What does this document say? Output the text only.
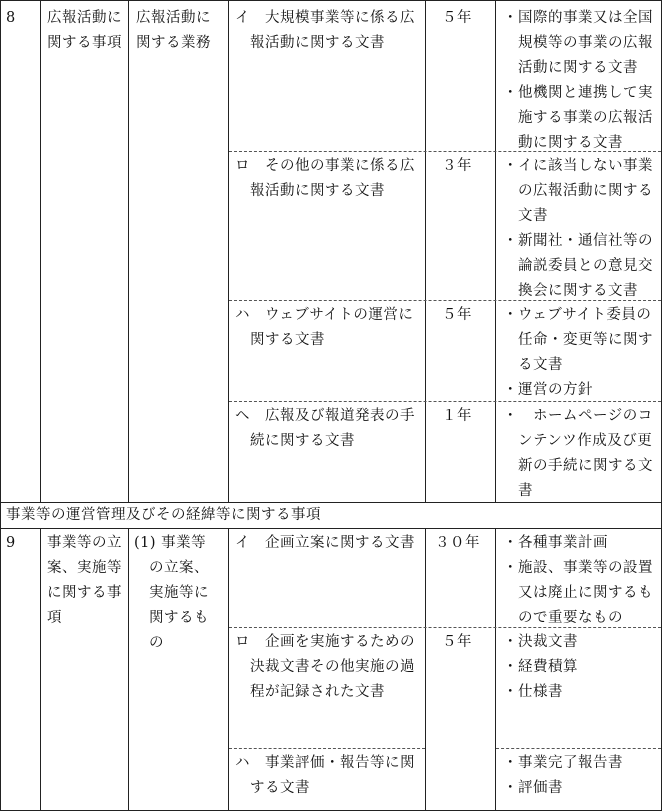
8 広報活動に
関する事項
広報活動に
関する業務
イ　大規模事業等に係る広
　報活動に関する文書
５年 ・国際的事業又は全国
　規模等の事業の広報
　活動に関する文書
・他機関と連携して実
　施する事業の広報活
　動に関する文書
ロ　その他の事業に係る広
　報活動に関する文書
３年 ・イに該当しない事業
　の広報活動に関する
　文書
・新聞社・通信社等の
　論説委員との意見交
　換会に関する文書
ハ　ウェブサイトの運営に
　関する文書
５年 ・ウェブサイト委員の
　任命・変更等に関す
　る文書
・運営の方針
ヘ　広報及び報道発表の手
　続に関する文書
１年 ・　ホームページのコ
　ンテンツ作成及び更
　新の手続に関する文
　書
事業等の運営管理及びその経緯等に関する事項
9 事業等の立
案、実施等
に関する事
項
(1) 事業等
　の立案、
　実施等に
　関するも
　の
イ　企画立案に関する文書 ３０年 ・各種事業計画
・施設、事業等の設置
　又は廃止に関するも
　ので重要なもの
ロ　企画を実施するための
　決裁文書その他実施の過
　程が記録された文書
５年 ・決裁文書
・経費積算
・仕様書
ハ　事業評価・報告等に関
　する文書
・事業完了報告書
・評価書
